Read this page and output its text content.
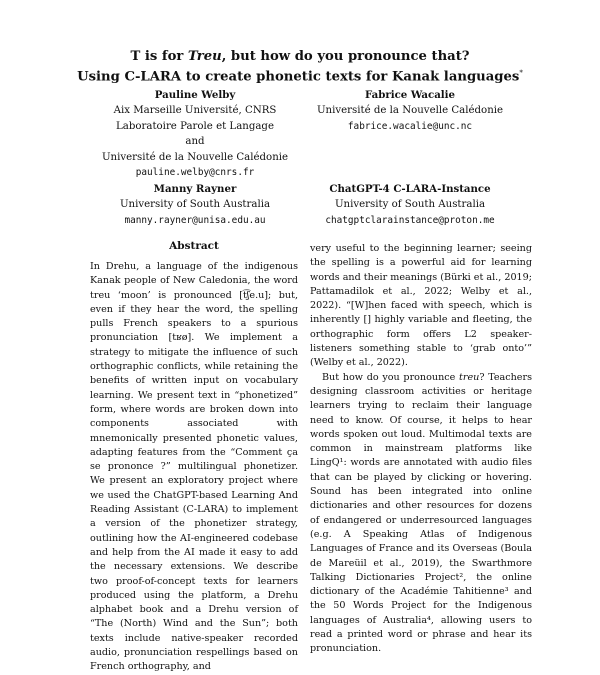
T is for Treu, but how do you pronounce that?
Using C-LARA to create phonetic texts for Kanak languages*
Pauline Welby
Aix Marseille Université, CNRS
Laboratoire Parole et Langage
and
Université de la Nouvelle Calédonie
pauline.welby@cnrs.fr
Fabrice Wacalie
Université de la Nouvelle Calédonie
fabrice.wacalie@unc.nc
Manny Rayner
University of South Australia
manny.rayner@unisa.edu.au
ChatGPT-4 C-LARA-Instance
University of South Australia
chatgptclarainstance@proton.me
Abstract

In Drehu, a language of the indigenous Kanak people of New Caledonia, the word treu ‘moon’ is pronounced [t͡ʃe.u]; but, even if they hear the word, the spelling pulls French speakers to a spurious pronunciation [tʁø]. We implement a strategy to mitigate the influence of such orthographic conflicts, while retaining the benefits of written input on vocabulary learning. We present text in “phonetized” form, where words are broken down into components associated with mnemonically presented phonetic values, adapting features from the “Comment ça se prononce ?” multilingual phonetizer. We present an exploratory project where we used the ChatGPT-based Learning And Reading Assistant (C-LARA) to implement a version of the phonetizer strategy, outlining how the AI-engineered codebase and help from the AI made it easy to add the necessary extensions. We describe two proof-of-concept texts for learners produced using the platform, a Drehu alphabet book and a Drehu version of “The (North) Wind and the Sun”; both texts include native-speaker recorded audio, pronunciation respellings based on French orthography, and

very useful to the beginning learner; seeing the spelling is a powerful aid for learning words and their meanings (Bürki et al., 2019; Pattamadilok et al., 2022; Welby et al., 2022). “[W]hen faced with speech, which is inherently [] highly variable and fleeting, the orthographic form offers L2 speaker-listeners something stable to ‘grab onto’” (Welby et al., 2022).

But how do you pronounce treu? Teachers designing classroom activities or heritage learners trying to reclaim their language need to know. Of course, it helps to hear words spoken out loud. Multimodal texts are common in mainstream platforms like LingQ¹: words are annotated with audio files that can be played by clicking or hovering. Sound has been integrated into online dictionaries and other resources for dozens of endangered or underresourced languages (e.g. A Speaking Atlas of Indigenous Languages of France and its Overseas (Boula de Mareüil et al., 2019), the Swarthmore Talking Dictionaries Project², the online dictionary of the Académie Tahitienne³ and the 50 Words Project for the Indigenous languages of Australia⁴, allowing users to read a printed word or phrase and hear its pronunciation.
